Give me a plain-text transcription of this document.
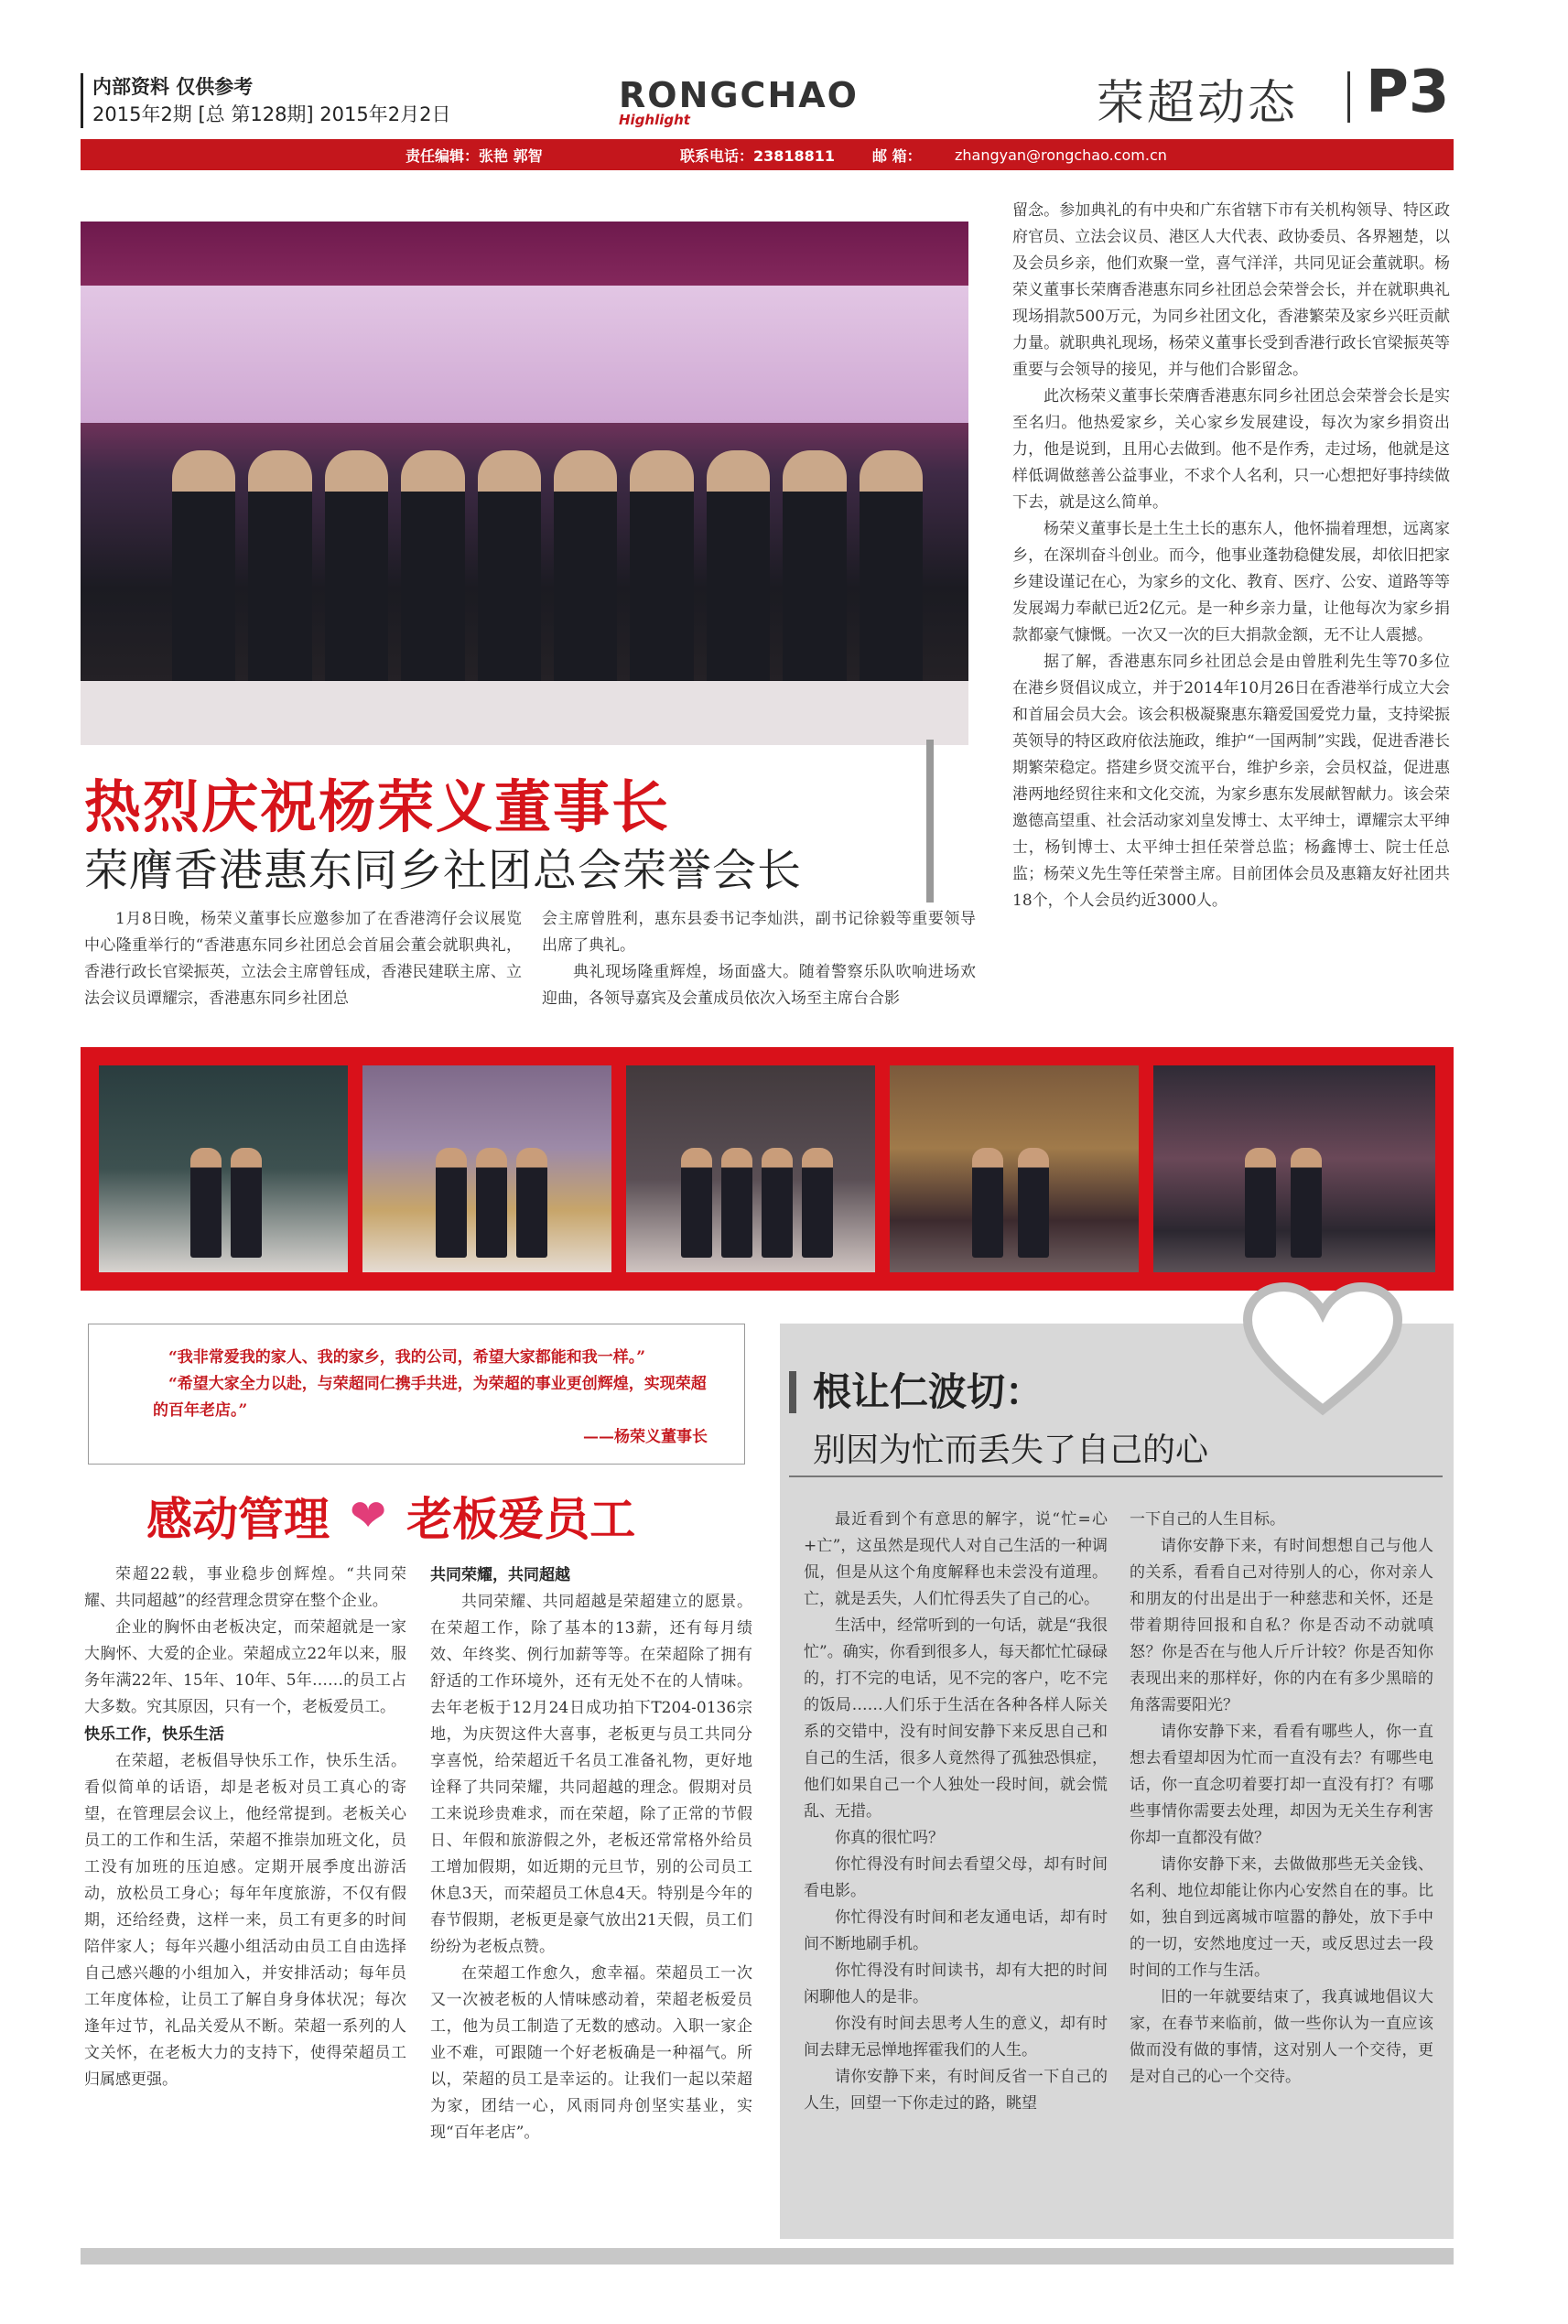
内部资料 仅供参考
2015年2期 [总 第128期] 2015年2月2日	RONGCHAO
Highlight	荣超动态 P3
责任编辑：张艳 郭智	联系电话：23818811	邮 箱：	zhangyan@rongchao.com.cn
热烈庆祝杨荣义董事长
荣膺香港惠东同乡社团总会荣誉会长

1月8日晚，杨荣义董事长应邀参加了在香港湾仔会议展览中心隆重举行的“香港惠东同乡社团总会首届会董会就职典礼，香港行政长官梁振英，立法会主席曾钰成，香港民建联主席、立法会议员谭耀宗，香港惠东同乡社团总

会主席曾胜利，惠东县委书记李灿洪，副书记徐毅等重要领导出席了典礼。

典礼现场隆重辉煌，场面盛大。随着警察乐队吹响进场欢迎曲，各领导嘉宾及会董成员依次入场至主席台合影

留念。参加典礼的有中央和广东省辖下市有关机构领导、特区政府官员、立法会议员、港区人大代表、政协委员、各界翘楚，以及会员乡亲，他们欢聚一堂，喜气洋洋，共同见证会董就职。杨荣义董事长荣膺香港惠东同乡社团总会荣誉会长，并在就职典礼现场捐款500万元，为同乡社团文化，香港繁荣及家乡兴旺贡献力量。就职典礼现场，杨荣义董事长受到香港行政长官梁振英等重要与会领导的接见，并与他们合影留念。

此次杨荣义董事长荣膺香港惠东同乡社团总会荣誉会长是实至名归。他热爱家乡，关心家乡发展建设，每次为家乡捐资出力，他是说到，且用心去做到。他不是作秀，走过场，他就是这样低调做慈善公益事业，不求个人名利，只一心想把好事持续做下去，就是这么简单。

杨荣义董事长是土生土长的惠东人，他怀揣着理想，远离家乡，在深圳奋斗创业。而今，他事业蓬勃稳健发展，却依旧把家乡建设谨记在心，为家乡的文化、教育、医疗、公安、道路等等发展竭力奉献已近2亿元。是一种乡亲力量，让他每次为家乡捐款都豪气慷慨。一次又一次的巨大捐款金额，无不让人震撼。

据了解，香港惠东同乡社团总会是由曾胜利先生等70多位在港乡贤倡议成立，并于2014年10月26日在香港举行成立大会和首届会员大会。该会积极凝聚惠东籍爱国爱党力量，支持梁振英领导的特区政府依法施政，维护“一国两制”实践，促进香港长期繁荣稳定。搭建乡贤交流平台，维护乡亲，会员权益，促进惠港两地经贸往来和文化交流，为家乡惠东发展献智献力。该会荣邀德高望重、社会活动家刘皇发博士、太平绅士，谭耀宗太平绅士，杨钊博士、太平绅士担任荣誉总监；杨鑫博士、院士任总监；杨荣义先生等任荣誉主席。目前团体会员及惠籍友好社团共18个，个人会员约近3000人。

“我非常爱我的家人、我的家乡，我的公司，希望大家都能和我一样。”

“希望大家全力以赴，与荣超同仁携手共进，为荣超的事业更创辉煌，实现荣超的百年老店。”

——杨荣义董事长

感动管理 ❤ 老板爱员工

荣超22载，事业稳步创辉煌。“共同荣耀、共同超越”的经营理念贯穿在整个企业。

企业的胸怀由老板决定，而荣超就是一家大胸怀、大爱的企业。荣超成立22年以来，服务年满22年、15年、10年、5年……的员工占大多数。究其原因，只有一个，老板爱员工。

快乐工作，快乐生活

在荣超，老板倡导快乐工作，快乐生活。看似简单的话语，却是老板对员工真心的寄望，在管理层会议上，他经常提到。老板关心员工的工作和生活，荣超不推崇加班文化，员工没有加班的压迫感。定期开展季度出游活动，放松员工身心；每年年度旅游，不仅有假期，还给经费，这样一来，员工有更多的时间陪伴家人；每年兴趣小组活动由员工自由选择自己感兴趣的小组加入，并安排活动；每年员工年度体检，让员工了解自身身体状况；每次逢年过节，礼品关爱从不断。荣超一系列的人文关怀，在老板大力的支持下，使得荣超员工归属感更强。

共同荣耀，共同超越

共同荣耀、共同超越是荣超建立的愿景。在荣超工作，除了基本的13薪，还有每月绩效、年终奖、例行加薪等等。在荣超除了拥有舒适的工作环境外，还有无处不在的人情味。去年老板于12月24日成功拍下T204-0136宗地，为庆贺这件大喜事，老板更与员工共同分享喜悦，给荣超近千名员工准备礼物，更好地诠释了共同荣耀，共同超越的理念。假期对员工来说珍贵难求，而在荣超，除了正常的节假日、年假和旅游假之外，老板还常常格外给员工增加假期，如近期的元旦节，别的公司员工休息3天，而荣超员工休息4天。特别是今年的春节假期，老板更是豪气放出21天假，员工们纷纷为老板点赞。

在荣超工作愈久，愈幸福。荣超员工一次又一次被老板的人情味感动着，荣超老板爱员工，他为员工制造了无数的感动。入职一家企业不难，可跟随一个好老板确是一种福气。所以，荣超的员工是幸运的。让我们一起以荣超为家，团结一心，风雨同舟创坚实基业，实现“百年老店”。

根让仁波切：
别因为忙而丢失了自己的心

最近看到个有意思的解字，说“忙=心+亡”，这虽然是现代人对自己生活的一种调侃，但是从这个角度解释也未尝没有道理。亡，就是丢失，人们忙得丢失了自己的心。

生活中，经常听到的一句话，就是“我很忙”。确实，你看到很多人，每天都忙忙碌碌的，打不完的电话，见不完的客户，吃不完的饭局……人们乐于生活在各种各样人际关系的交错中，没有时间安静下来反思自己和自己的生活，很多人竟然得了孤独恐惧症，他们如果自己一个人独处一段时间，就会慌乱、无措。

你真的很忙吗？

你忙得没有时间去看望父母，却有时间看电影。

你忙得没有时间和老友通电话，却有时间不断地刷手机。

你忙得没有时间读书，却有大把的时间闲聊他人的是非。

你没有时间去思考人生的意义，却有时间去肆无忌惮地挥霍我们的人生。

请你安静下来，有时间反省一下自己的人生，回望一下你走过的路，眺望

一下自己的人生目标。

请你安静下来，有时间想想自己与他人的关系，看看自己对待别人的心，你对亲人和朋友的付出是出于一种慈悲和关怀，还是带着期待回报和自私？你是否动不动就嗔怒？你是否在与他人斤斤计较？你是否知你表现出来的那样好，你的内在有多少黑暗的角落需要阳光？

请你安静下来，看看有哪些人，你一直想去看望却因为忙而一直没有去？有哪些电话，你一直念叨着要打却一直没有打？有哪些事情你需要去处理，却因为无关生存利害你却一直都没有做？

请你安静下来，去做做那些无关金钱、名利、地位却能让你内心安然自在的事。比如，独自到远离城市喧嚣的静处，放下手中的一切，安然地度过一天，或反思过去一段时间的工作与生活。

旧的一年就要结束了，我真诚地倡议大家，在春节来临前，做一些你认为一直应该做而没有做的事情，这对别人一个交待，更是对自己的心一个交待。
